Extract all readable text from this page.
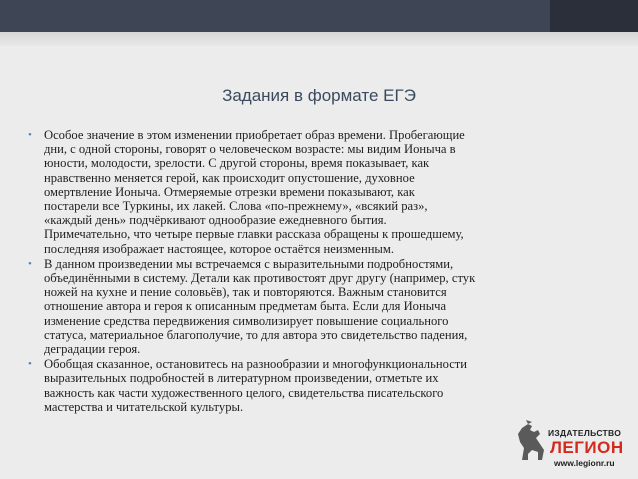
Задания в формате ЕГЭ
• Особое значение в этом изменении приобретает образ времени. Пробегающие
дни, с одной стороны, говорят о человеческом возрасте: мы видим Ионыча в
юности, молодости, зрелости. С другой стороны, время показывает, как
нравственно меняется герой, как происходит опустошение, духовное
омертвление Ионыча. Отмеряемые отрезки времени показывают, как
постарели все Туркины, их лакей. Слова «по-прежнему», «всякий раз»,
«каждый день» подчёркивают однообразие ежедневного бытия.
Примечательно, что четыре первые главки рассказа обращены к прошедшему,
последняя изображает настоящее, которое остаётся неизменным.
• В данном произведении мы встречаемся с выразительными подробностями,
объединёнными в систему. Детали как противостоят друг другу (например, стук
ножей на кухне и пение соловьёв), так и повторяются. Важным становится
отношение автора и героя к описанным предметам быта. Если для Ионыча
изменение средства передвижения символизирует повышение социального
статуса, материальное благополучие, то для автора это свидетельство падения,
деградации героя.
• Обобщая сказанное, остановитесь на разнообразии и многофункциональности
выразительных подробностей в литературном произведении, отметьте их
важность как части художественного целого, свидетельства писательского
мастерства и читательской культуры.
ИЗДАТЕЛЬСТВО
ЛЕГИОН
www.legionr.ru
